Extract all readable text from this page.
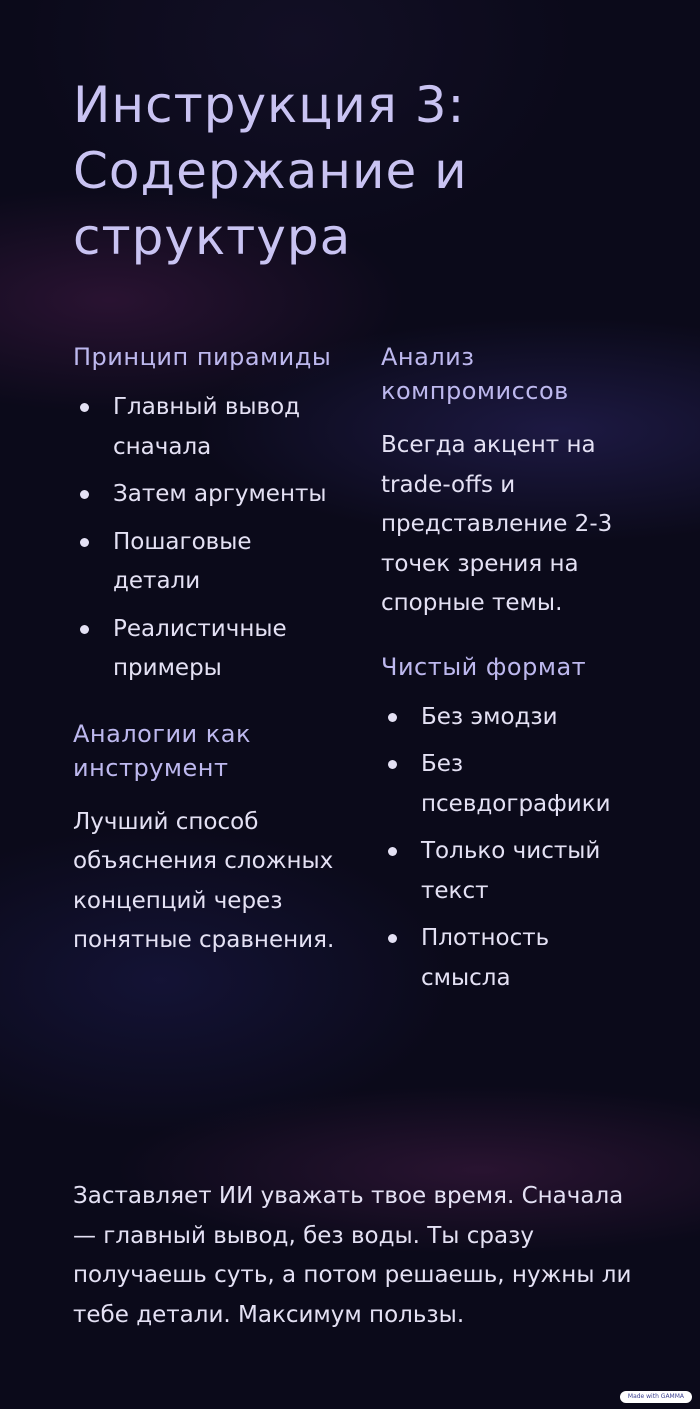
Инструкция 3: Содержание и структура
Принцип пирамиды
Главный вывод сначала
Затем аргументы
Пошаговые детали
Реалистичные примеры
Аналогии как инструмент

Лучший способ объяснения сложных концепций через понятные сравнения.

Анализ компромиссов

Всегда акцент на trade-offs и представление 2-3 точек зрения на спорные темы.

Чистый формат
Без эмодзи
Без псевдографики
Только чистый текст
Плотность смысла

Заставляет ИИ уважать твое время. Сначала — главный вывод, без воды. Ты сразу получаешь суть, а потом решаешь, нужны ли тебе детали. Максимум пользы.

Made with GAMMA
